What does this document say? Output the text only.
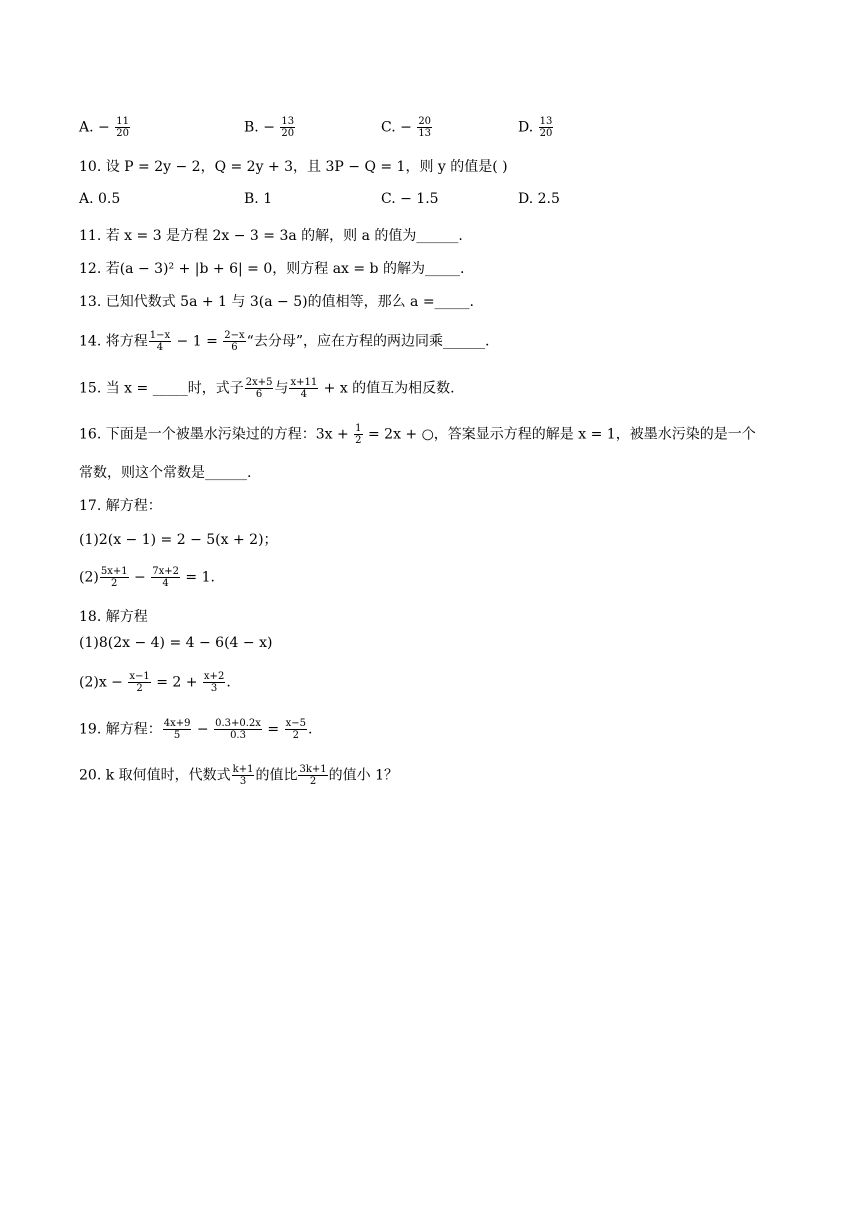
A. − $\frac{11}{20}$	B. − $\frac{13}{20}$	C. − $\frac{20}{13}$	D. $\frac{13}{20}$
10. 设 P = 2y − 2，Q = 2y + 3，且 3P − Q = 1，则 y 的值是( )
A. 0.5	B. 1	C. − 1.5	D. 2.5
11. 若 x = 3 是方程 2x − 3 = 3a 的解，则 a 的值为______.
12. 若(a − 3)² + |b + 6| = 0，则方程 ax = b 的解为_____.
13. 已知代数式 5a + 1 与 3(a − 5)的值相等，那么 a =_____.
14. 将方程 $\frac{1-x}{4} - 1 = \frac{2-x}{6}$ “去分母”，应在方程的两边同乘______.
15. 当 x = _____时，式子 $\frac{2x+5}{6}$ 与 $\frac{x+11}{4} + x$ 的值互为相反数.
16. 下面是一个被墨水污染过的方程：$3x + \frac{1}{2} = 2x$ + ○，答案显示方程的解是 x = 1，被墨水污染的是一个
常数，则这个常数是______.
17. 解方程：
(1)2(x − 1) = 2 − 5(x + 2)；
$(2) \frac{5x+1}{2} - \frac{7x+2}{4} = 1$.
18. 解方程
(1)8(2x − 4) = 4 − 6(4 − x)
$(2)x - \frac{x-1}{2} = 2 + \frac{x+2}{3}$ .
19. 解方程： $\frac{4x+9}{5} - \frac{0.3+0.2x}{0.3} = \frac{x-5}{2}$ .
20. k 取何值时，代数式 $\frac{k+1}{3}$ 的值比 $\frac{3k+1}{2}$ 的值小 1？
